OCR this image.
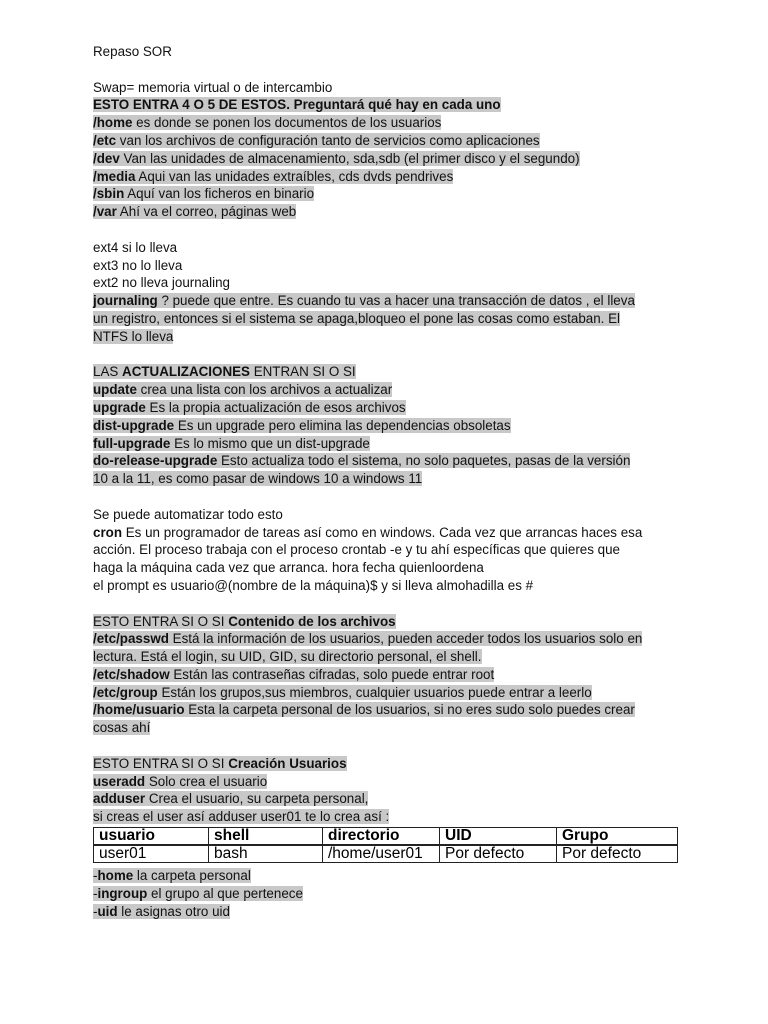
Repaso SOR
Swap= memoria virtual o de intercambio
ESTO ENTRA 4 O 5 DE ESTOS. Preguntará qué hay en cada uno
/home es donde se ponen los documentos de los usuarios
/etc van los archivos de configuración tanto de servicios como aplicaciones
/dev Van las unidades de almacenamiento, sda,sdb (el primer disco y el segundo)
/media Aqui van las unidades extraíbles, cds dvds pendrives
/sbin Aquí van los ficheros en binario
/var Ahí va el correo, páginas web
ext4 si lo lleva
ext3 no lo lleva
ext2 no lleva journaling
journaling ? puede que entre. Es cuando tu vas a hacer una transacción de datos , el lleva
un registro, entonces si el sistema se apaga,bloqueo el pone las cosas como estaban. El
NTFS lo lleva
LAS ACTUALIZACIONES ENTRAN SI O SI
update crea una lista con los archivos a actualizar
upgrade Es la propia actualización de esos archivos
dist-upgrade Es un upgrade pero elimina las dependencias obsoletas
full-upgrade Es lo mismo que un dist-upgrade
do-release-upgrade Esto actualiza todo el sistema, no solo paquetes, pasas de la versión
10 a la 11, es como pasar de windows 10 a windows 11
Se puede automatizar todo esto
cron Es un programador de tareas así como en windows. Cada vez que arrancas haces esa
acción. El proceso trabaja con el proceso crontab -e y tu ahí específicas que quieres que
haga la máquina cada vez que arranca. hora fecha quienloordena
el prompt es usuario@(nombre de la máquina)$ y si lleva almohadilla es #
ESTO ENTRA SI O SI Contenido de los archivos
/etc/passwd Está la información de los usuarios, pueden acceder todos los usuarios solo en
lectura. Está el login, su UID, GID, su directorio personal, el shell.
/etc/shadow Están las contraseñas cifradas, solo puede entrar root
/etc/group Están los grupos,sus miembros, cualquier usuarios puede entrar a leerlo
/home/usuario Esta la carpeta personal de los usuarios, si no eres sudo solo puedes crear
cosas ahí
ESTO ENTRA SI O SI Creación Usuarios
useradd Solo crea el usuario
adduser Crea el usuario, su carpeta personal,
si creas el user así adduser user01 te lo crea así :
usuario	shell	directorio	UID	Grupo
user01	bash	/home/user01	Por defecto	Por defecto
-home la carpeta personal
-ingroup el grupo al que pertenece
-uid le asignas otro uid
